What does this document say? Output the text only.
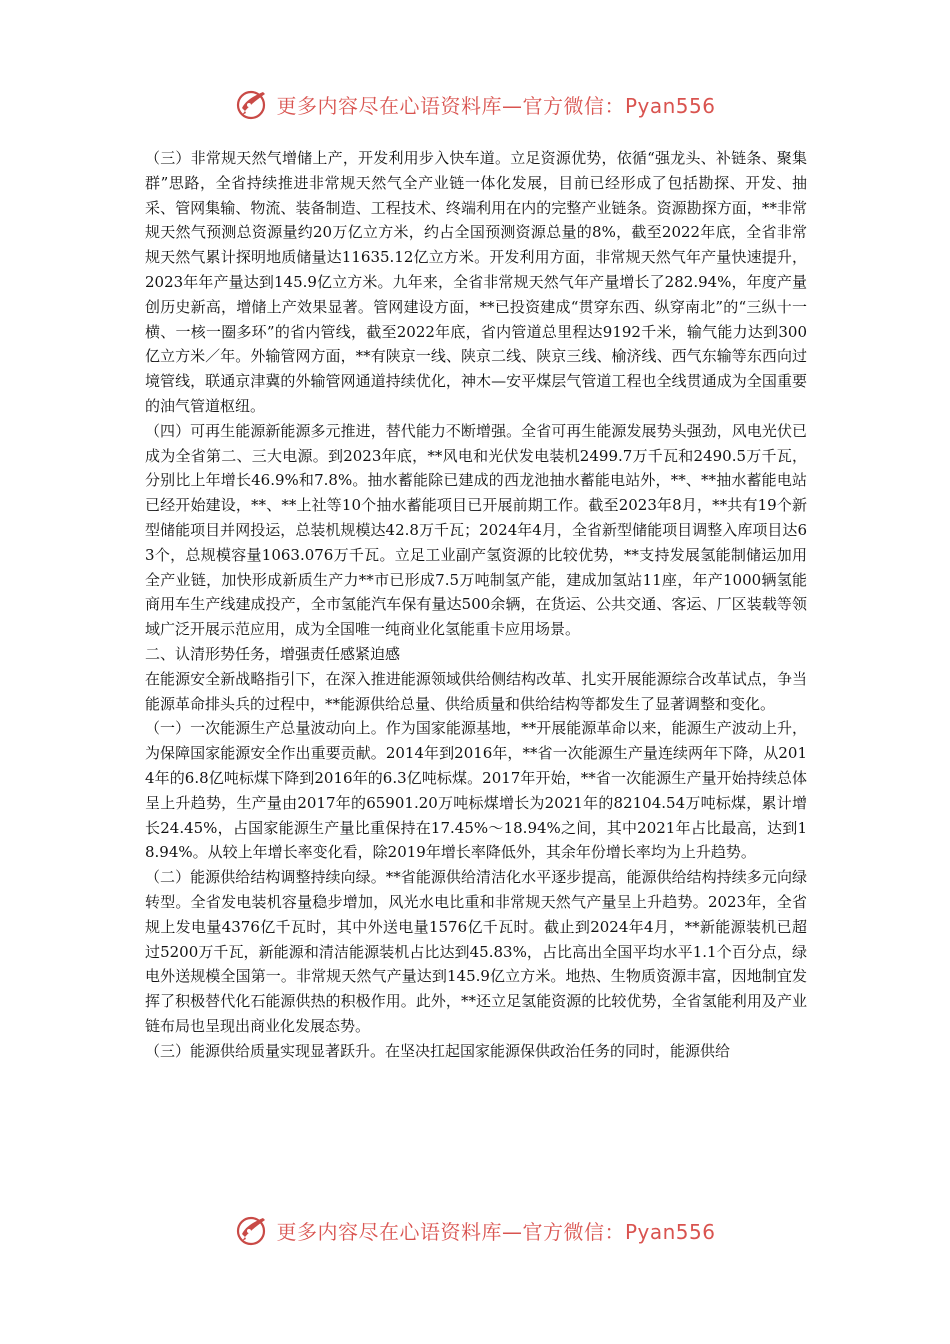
更多内容尽在心语资料库—官方微信：Pyan556

（三）非常规天然气增储上产，开发利用步入快车道。立足资源优势，依循“强龙头、补链条、聚集群”思路，全省持续推进非常规天然气全产业链一体化发展，目前已经形成了包括勘探、开发、抽采、管网集输、物流、装备制造、工程技术、终端利用在内的完整产业链条。资源勘探方面，**非常规天然气预测总资源量约20万亿立方米，约占全国预测资源总量的8%，截至2022年底，全省非常规天然气累计探明地质储量达11635.12亿立方米。开发利用方面，非常规天然气年产量快速提升，2023年年产量达到145.9亿立方米。九年来，全省非常规天然气年产量增长了282.94%，年度产量创历史新高，增储上产效果显著。管网建设方面，**已投资建成“贯穿东西、纵穿南北”的“三纵十一横、一核一圈多环”的省内管线，截至2022年底，省内管道总里程达9192千米，输气能力达到300亿立方米／年。外输管网方面，**有陕京一线、陕京二线、陕京三线、榆济线、西气东输等东西向过境管线，联通京津冀的外输管网通道持续优化，神木—安平煤层气管道工程也全线贯通成为全国重要的油气管道枢纽。

（四）可再生能源新能源多元推进，替代能力不断增强。全省可再生能源发展势头强劲，风电光伏已成为全省第二、三大电源。到2023年底，**风电和光伏发电装机2499.7万千瓦和2490.5万千瓦，分别比上年增长46.9%和7.8%。抽水蓄能除已建成的西龙池抽水蓄能电站外，**、**抽水蓄能电站已经开始建设，**、**上社等10个抽水蓄能项目已开展前期工作。截至2023年8月，**共有19个新型储能项目并网投运，总装机规模达42.8万千瓦；2024年4月，全省新型储能项目调整入库项目达63个，总规模容量1063.076万千瓦。立足工业副产氢资源的比较优势，**支持发展氢能制储运加用全产业链，加快形成新质生产力**市已形成7.5万吨制氢产能，建成加氢站11座，年产1000辆氢能商用车生产线建成投产，全市氢能汽车保有量达500余辆，在货运、公共交通、客运、厂区装载等领域广泛开展示范应用，成为全国唯一纯商业化氢能重卡应用场景。

二、认清形势任务，增强责任感紧迫感

在能源安全新战略指引下，在深入推进能源领域供给侧结构改革、扎实开展能源综合改革试点，争当能源革命排头兵的过程中，**能源供给总量、供给质量和供给结构等都发生了显著调整和变化。

（一）一次能源生产总量波动向上。作为国家能源基地，**开展能源革命以来，能源生产波动上升，为保障国家能源安全作出重要贡献。2014年到2016年，**省一次能源生产量连续两年下降，从2014年的6.8亿吨标煤下降到2016年的6.3亿吨标煤。2017年开始，**省一次能源生产量开始持续总体呈上升趋势，生产量由2017年的65901.20万吨标煤增长为2021年的82104.54万吨标煤，累计增长24.45%，占国家能源生产量比重保持在17.45%～18.94%之间，其中2021年占比最高，达到18.94%。从较上年增长率变化看，除2019年增长率降低外，其余年份增长率均为上升趋势。

（二）能源供给结构调整持续向绿。**省能源供给清洁化水平逐步提高，能源供给结构持续多元向绿转型。全省发电装机容量稳步增加，风光水电比重和非常规天然气产量呈上升趋势。2023年，全省规上发电量4376亿千瓦时，其中外送电量1576亿千瓦时。截止到2024年4月，**新能源装机已超过5200万千瓦，新能源和清洁能源装机占比达到45.83%，占比高出全国平均水平1.1个百分点，绿电外送规模全国第一。非常规天然气产量达到145.9亿立方米。地热、生物质资源丰富，因地制宜发挥了积极替代化石能源供热的积极作用。此外，**还立足氢能资源的比较优势，全省氢能利用及产业链布局也呈现出商业化发展态势。

（三）能源供给质量实现显著跃升。在坚决扛起国家能源保供政治任务的同时，能源供给

更多内容尽在心语资料库—官方微信：Pyan556
